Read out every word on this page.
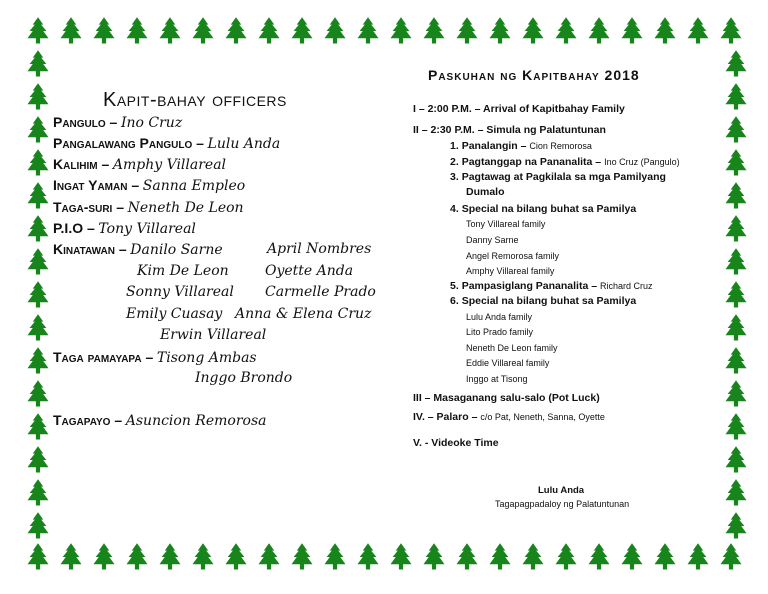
Kapit-bahay officers
Pangulo – Ino Cruz
Pangalawang Pangulo – Lulu Anda
Kalihim – Amphy Villareal
Ingat Yaman – Sanna Empleo
Taga-suri – Neneth De Leon
P.I.O – Tony Villareal
Kinatawan – Danilo Sarne	April Nombres
Kim De Leon	Oyette Anda
Sonny Villareal Carmelle Prado
Emily Cuasay Anna & Elena Cruz
Erwin Villareal
Taga pamayapa – Tisong Ambas
Inggo Brondo
Tagapayo – Asuncion Remorosa
Paskuhan ng Kapitbahay 2018
I – 2:00 P.M. – Arrival of Kapitbahay Family
II – 2:30 P.M. – Simula ng Palatuntunan
1. Panalangin – Cion Remorosa
2. Pagtanggap na Pananalita – Ino Cruz (Pangulo)
3. Pagtawag at Pagkilala sa mga Pamilyang
Dumalo
4. Special na bilang buhat sa Pamilya
Tony Villareal family
Danny Sarne
Angel Remorosa family
Amphy Villareal family
5. Pampasiglang Pananalita – Richard Cruz
6. Special na bilang buhat sa Pamilya
Lulu Anda family
Lito Prado family
Neneth De Leon family
Eddie Villareal family
Inggo at Tisong
III – Masaganang salu-salo (Pot Luck)
IV. – Palaro – c/o Pat, Neneth, Sanna, Oyette
V. - Videoke Time
Lulu Anda
Tagapagpadaloy ng Palatuntunan
